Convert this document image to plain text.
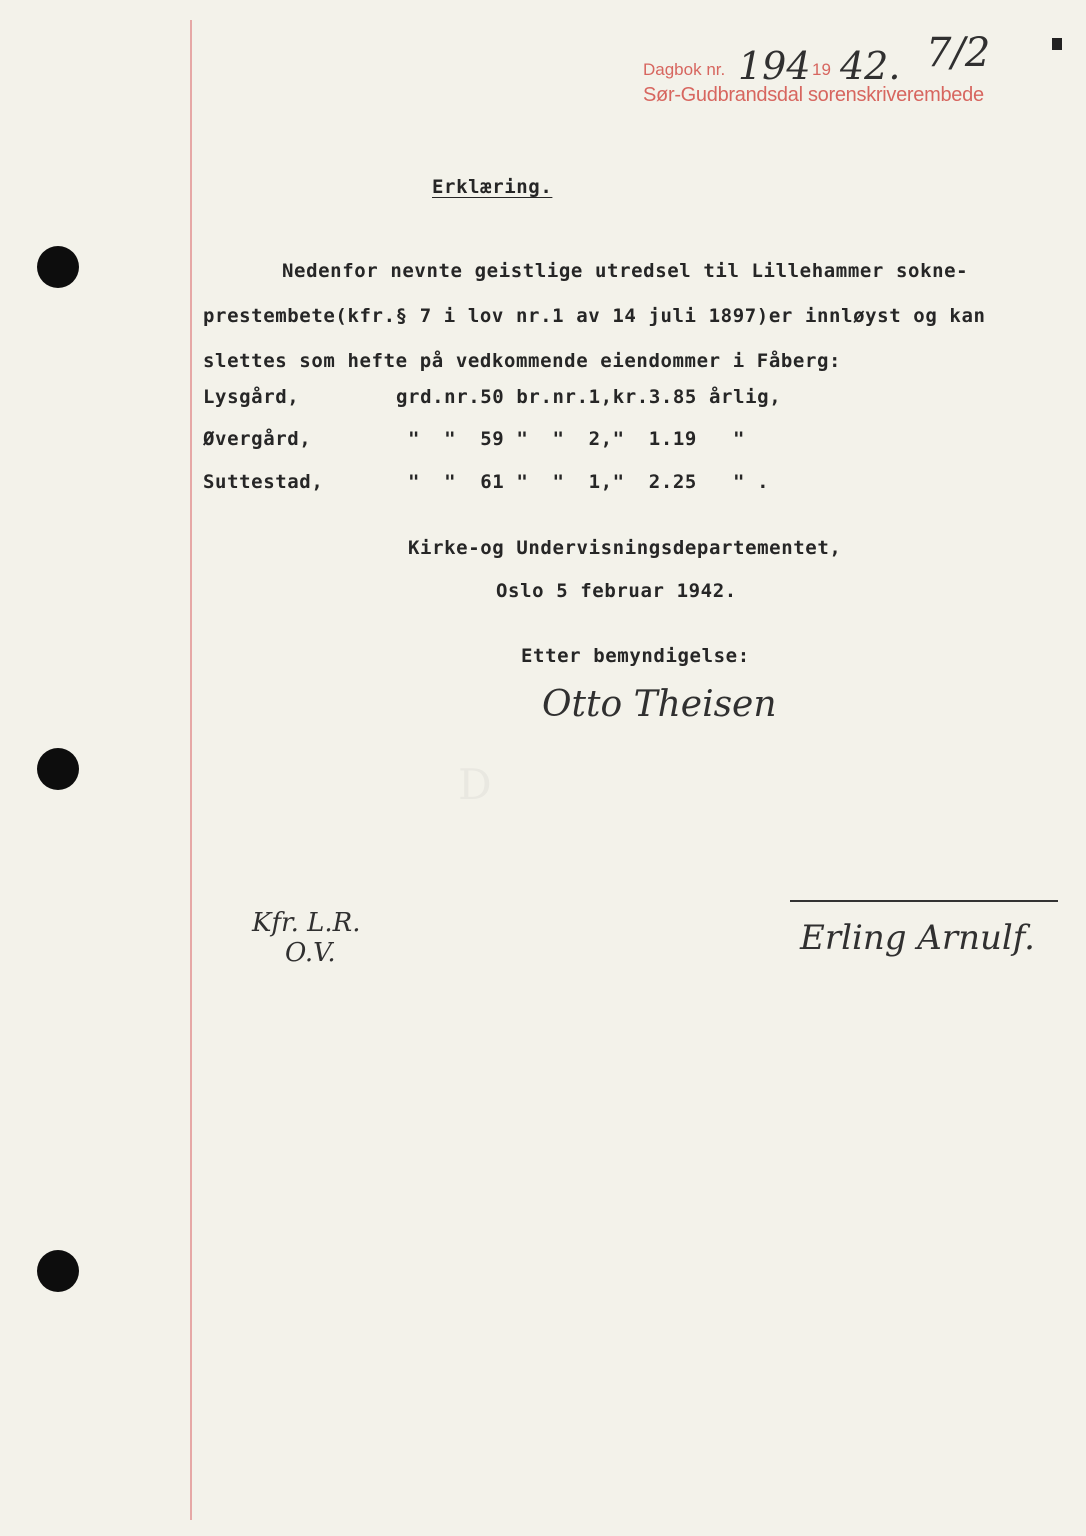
Dagbok nr.	19
Sør-Gudbrandsdal sorenskriverembede
194 42. 7/2
Erklæring.
Nedenfor nevnte geistlige utredsel til Lillehammer sokne-
prestembete(kfr.§ 7 i lov nr.1 av 14 juli 1897)er innløyst og kan
slettes som hefte på vedkommende eiendommer i Fåberg:
Lysgård,	grd.nr.50 br.nr.1,kr.3.85 årlig,
Øvergård,	"  "  59 "  "  2,"  1.19   "
Suttestad,	"  "  61 "  "  1,"  2.25   " .
Kirke-og Undervisningsdepartementet,
Oslo 5 februar 1942.
Etter bemyndigelse:
Otto Theisen
D
Kfr. L.R.
O.V.	Erling Arnulf.
